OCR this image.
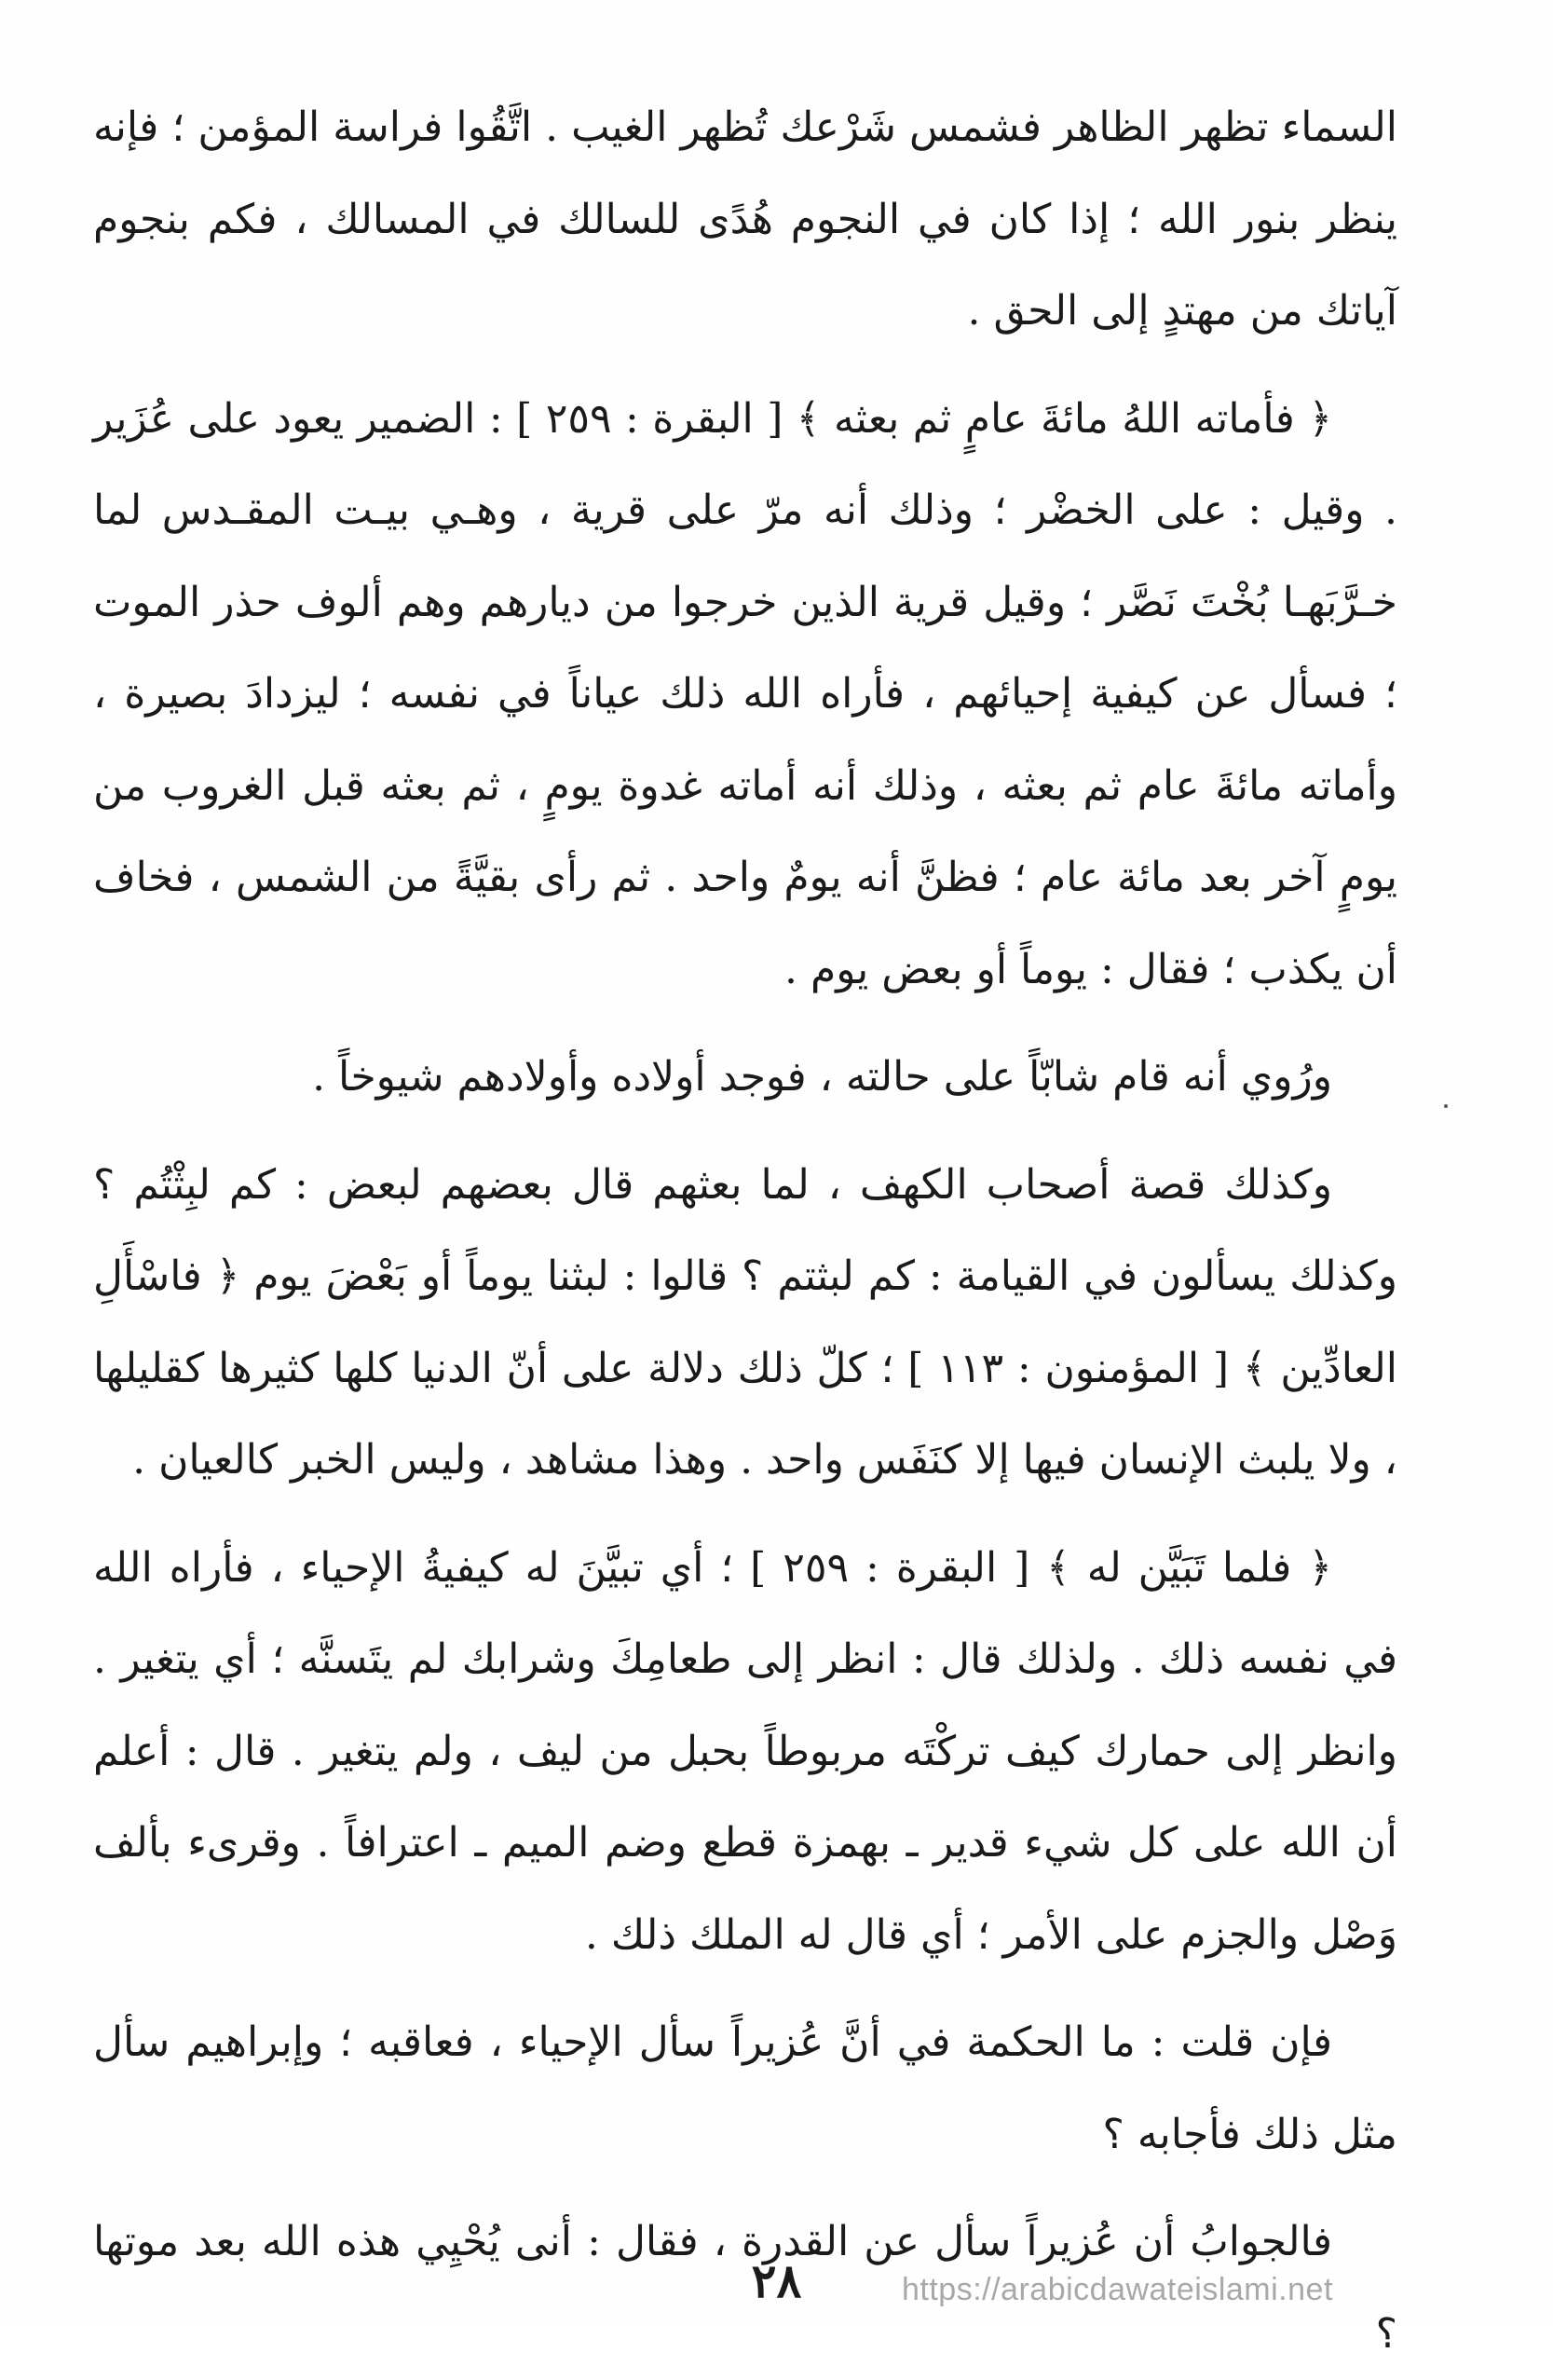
السماء تظهر الظاهر فشمس شَرْعك تُظهر الغيب . اتَّقُوا فراسة المؤمن ؛ فإنه ينظر بنور الله ؛ إذا كان في النجوم هُدًى للسالك في المسالك ، فكم بنجوم آياتك من مهتدٍ إلى الحق .

﴿ فأماته اللهُ مائةَ عامٍ ثم بعثه ﴾ [ البقرة : ٢٥٩ ] : الضمير يعود على عُزَير . وقيل : على الخضْر ؛ وذلك أنه مرّ على قرية ، وهـي بيـت المقـدس لما خـرَّبَهـا بُخْتَ نَصَّر ؛ وقيل قرية الذين خرجوا من ديارهم وهم ألوف حذر الموت ؛ فسأل عن كيفية إحيائهم ، فأراه الله ذلك عياناً في نفسه ؛ ليزدادَ بصيرة ، وأماته مائةَ عام ثم بعثه ، وذلك أنه أماته غدوة يومٍ ، ثم بعثه قبل الغروب من يومٍ آخر بعد مائة عام ؛ فظنَّ أنه يومٌ واحد . ثم رأى بقيَّةً من الشمس ، فخاف أن يكذب ؛ فقال : يوماً أو بعض يوم .

ورُوي أنه قام شابّاً على حالته ، فوجد أولاده وأولادهم شيوخاً .

وكذلك قصة أصحاب الكهف ، لما بعثهم قال بعضهم لبعض : كم لبِثْتُم ؟ وكذلك يسألون في القيامة : كم لبثتم ؟ قالوا : لبثنا يوماً أو بَعْضَ يوم ﴿ فاسْأَلِ العادِّين ﴾ [ المؤمنون : ١١٣ ] ؛ كلّ ذلك دلالة على أنّ الدنيا كلها كثيرها كقليلها ، ولا يلبث الإنسان فيها إلا كنَفَس واحد . وهذا مشاهد ، وليس الخبر كالعيان .

﴿ فلما تَبَيَّن له ﴾ [ البقرة : ٢٥٩ ] ؛ أي تبيَّنَ له كيفيةُ الإحياء ، فأراه الله في نفسه ذلك . ولذلك قال : انظر إلى طعامِكَ وشرابك لم يتَسنَّه ؛ أي يتغير . وانظر إلى حمارك كيف تركْتَه مربوطاً بحبل من ليف ، ولم يتغير . قال : أعلم أن الله على كل شيء قدير ـ بهمزة قطع وضم الميم ـ اعترافاً . وقرىء بألف وَصْل والجزم على الأمر ؛ أي قال له الملك ذلك .

فإن قلت : ما الحكمة في أنَّ عُزيراً سأل الإحياء ، فعاقبه ؛ وإبراهيم سأل مثل ذلك فأجابه ؟

فالجوابُ أن عُزيراً سأل عن القدرة ، فقال : أنى يُحْيِي هذه الله بعد موتها ؟

٢٨	https://arabicdawateislami.net
